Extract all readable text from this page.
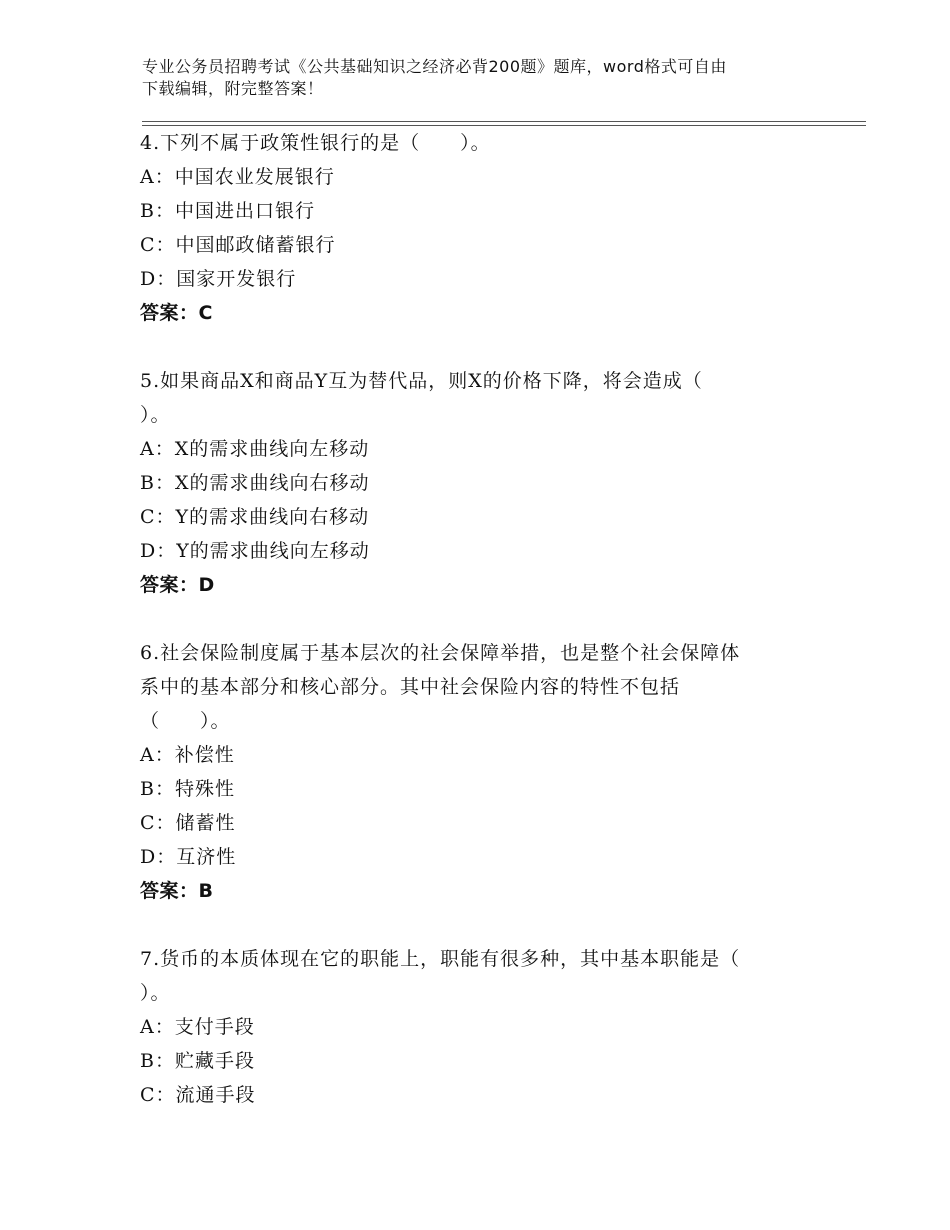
专业公务员招聘考试《公共基础知识之经济必背200题》题库，word格式可自由
下载编辑，附完整答案！
4.下列不属于政策性银行的是（　　）。
A：中国农业发展银行
B：中国进出口银行
C：中国邮政储蓄银行
D：国家开发银行
答案：C
5.如果商品X和商品Y互为替代品，则X的价格下降，将会造成（
）。
A：X的需求曲线向左移动
B：X的需求曲线向右移动
C：Y的需求曲线向右移动
D：Y的需求曲线向左移动
答案：D
6.社会保险制度属于基本层次的社会保障举措，也是整个社会保障体
系中的基本部分和核心部分。其中社会保险内容的特性不包括
（　　）。
A：补偿性
B：特殊性
C：储蓄性
D：互济性
答案：B
7.货币的本质体现在它的职能上，职能有很多种，其中基本职能是（
）。
A：支付手段
B：贮藏手段
C：流通手段
